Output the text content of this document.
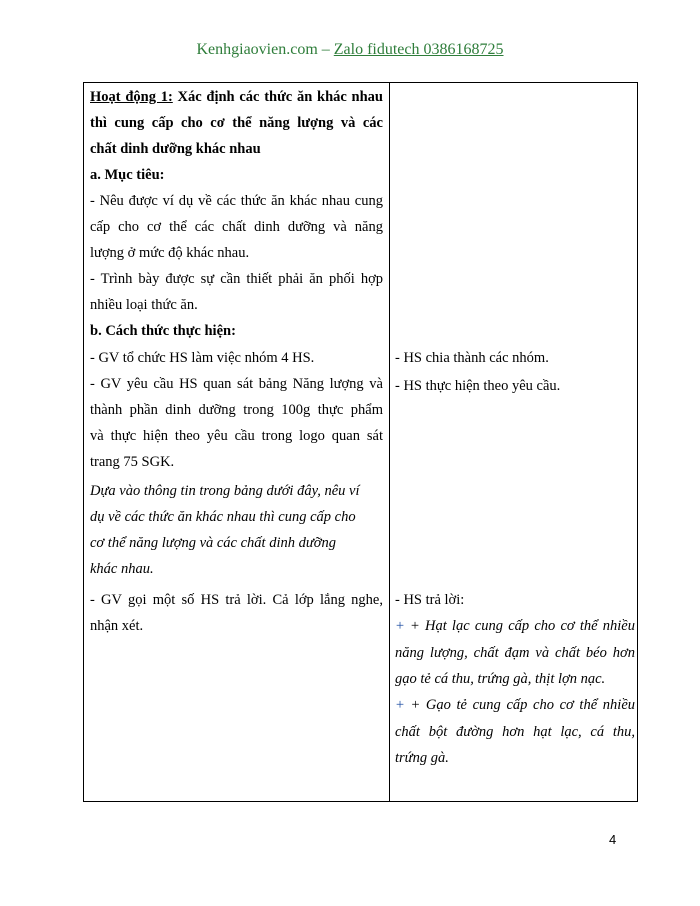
Kenhgiaovien.com – Zalo fidutech 0386168725
Hoạt động 1: Xác định các thức ăn khác nhau
thì cung cấp cho cơ thể năng lượng và các
chất dinh dưỡng khác nhau
a. Mục tiêu:
- Nêu được ví dụ về các thức ăn khác nhau cung
cấp cho cơ thể các chất dinh dưỡng và năng
lượng ở mức độ khác nhau.
- Trình bày được sự cần thiết phải ăn phối hợp
nhiều loại thức ăn.
b. Cách thức thực hiện:
- GV tổ chức HS làm việc nhóm 4 HS.
- GV yêu cầu HS quan sát bảng Năng lượng và
thành phần dinh dưỡng trong 100g thực phẩm
và thực hiện theo yêu cầu trong logo quan sát
trang 75 SGK.
Dựa vào thông tin trong bảng dưới đây, nêu ví
dụ về các thức ăn khác nhau thì cung cấp cho
cơ thể năng lượng và các chất dinh dưỡng
khác nhau.
- GV gọi một số HS trả lời. Cả lớp lắng nghe,
nhận xét.
- HS chia thành các nhóm.
- HS thực hiện theo yêu cầu.
- HS trả lời:
+ + Hạt lạc cung cấp cho cơ thể nhiều
năng lượng, chất đạm và chất béo hơn
gạo tẻ cá thu, trứng gà, thịt lợn nạc.
+ + Gạo tẻ cung cấp cho cơ thể nhiều
chất bột đường hơn hạt lạc, cá thu,
trứng gà.
4
